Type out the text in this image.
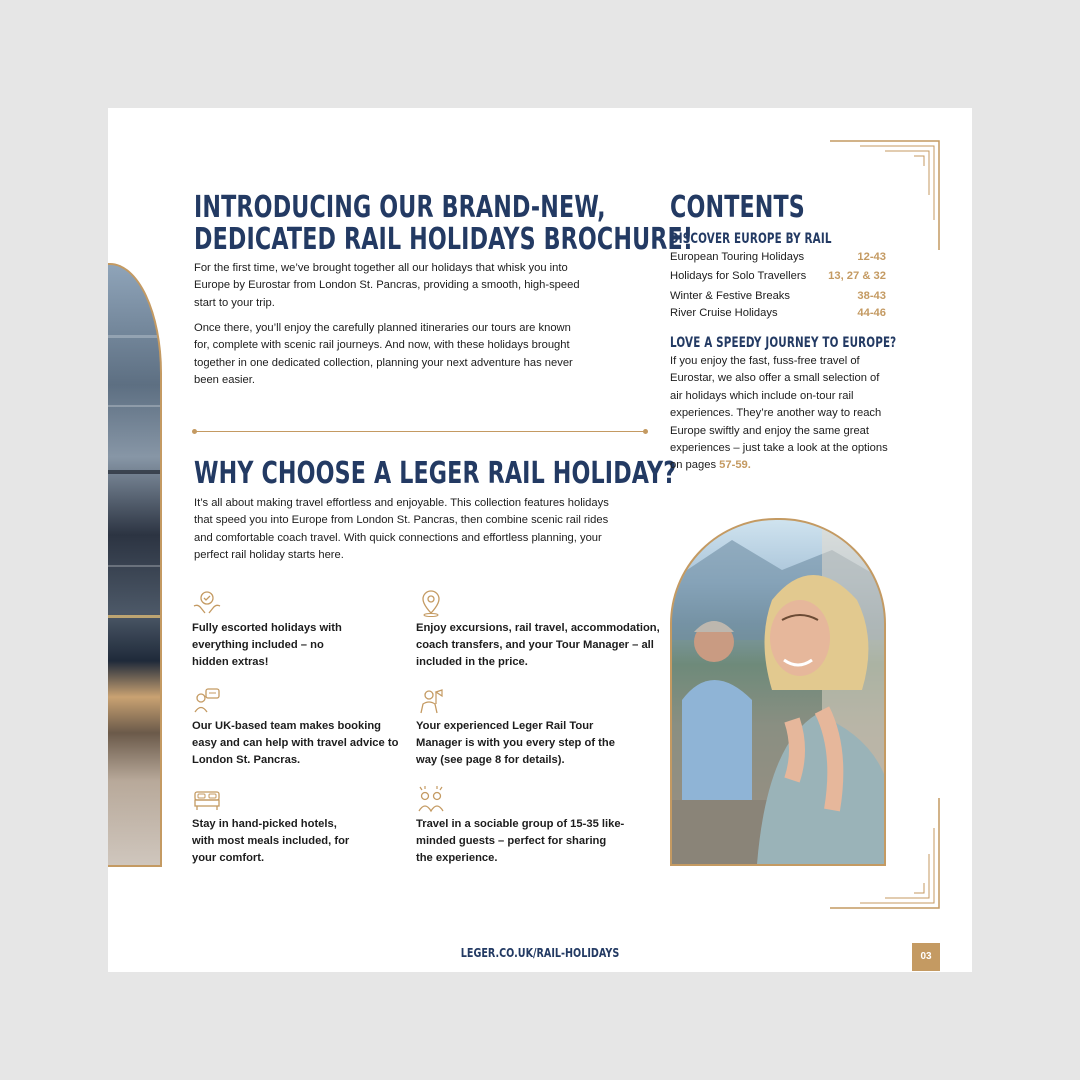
INTRODUCING OUR BRAND-NEW,
DEDICATED RAIL HOLIDAYS BROCHURE!

For the first time, we’ve brought together all our holidays that whisk you into Europe by Eurostar from London St. Pancras, providing a smooth, high-speed start to your trip.

Once there, you’ll enjoy the carefully planned itineraries our tours are known for, complete with scenic rail journeys. And now, with these holidays brought together in one dedicated collection, planning your next adventure has never been easier.

WHY CHOOSE A LEGER RAIL HOLIDAY?

It’s all about making travel effortless and enjoyable. This collection features holidays that speed you into Europe from London St. Pancras, then combine scenic rail rides and comfortable coach travel. With quick connections and effortless planning, your perfect rail holiday starts here.

Fully escorted holidays with everything included – no hidden extras!
Enjoy excursions, rail travel, accommodation, coach transfers, and your Tour Manager – all included in the price.
Our UK-based team makes booking easy and can help with travel advice to London St. Pancras.
Your experienced Leger Rail Tour Manager is with you every step of the way (see page 8 for details).
Stay in hand-picked hotels, with most meals included, for your comfort.
Travel in a sociable group of 15-35 like-minded guests – perfect for sharing the experience.
CONTENTS
DISCOVER EUROPE BY RAIL
European Touring Holidays	12-43
Holidays for Solo Travellers 13, 27 & 32
Winter & Festive Breaks	38-43
River Cruise Holidays	44-46
LOVE A SPEEDY JOURNEY TO EUROPE?

If you enjoy the fast, fuss-free travel of Eurostar, we also offer a small selection of air holidays which include on-tour rail experiences. They’re another way to reach Europe swiftly and enjoy the same great experiences – just take a look at the options on pages 57-59.

LEGER.CO.UK/RAIL-HOLIDAYS	03
